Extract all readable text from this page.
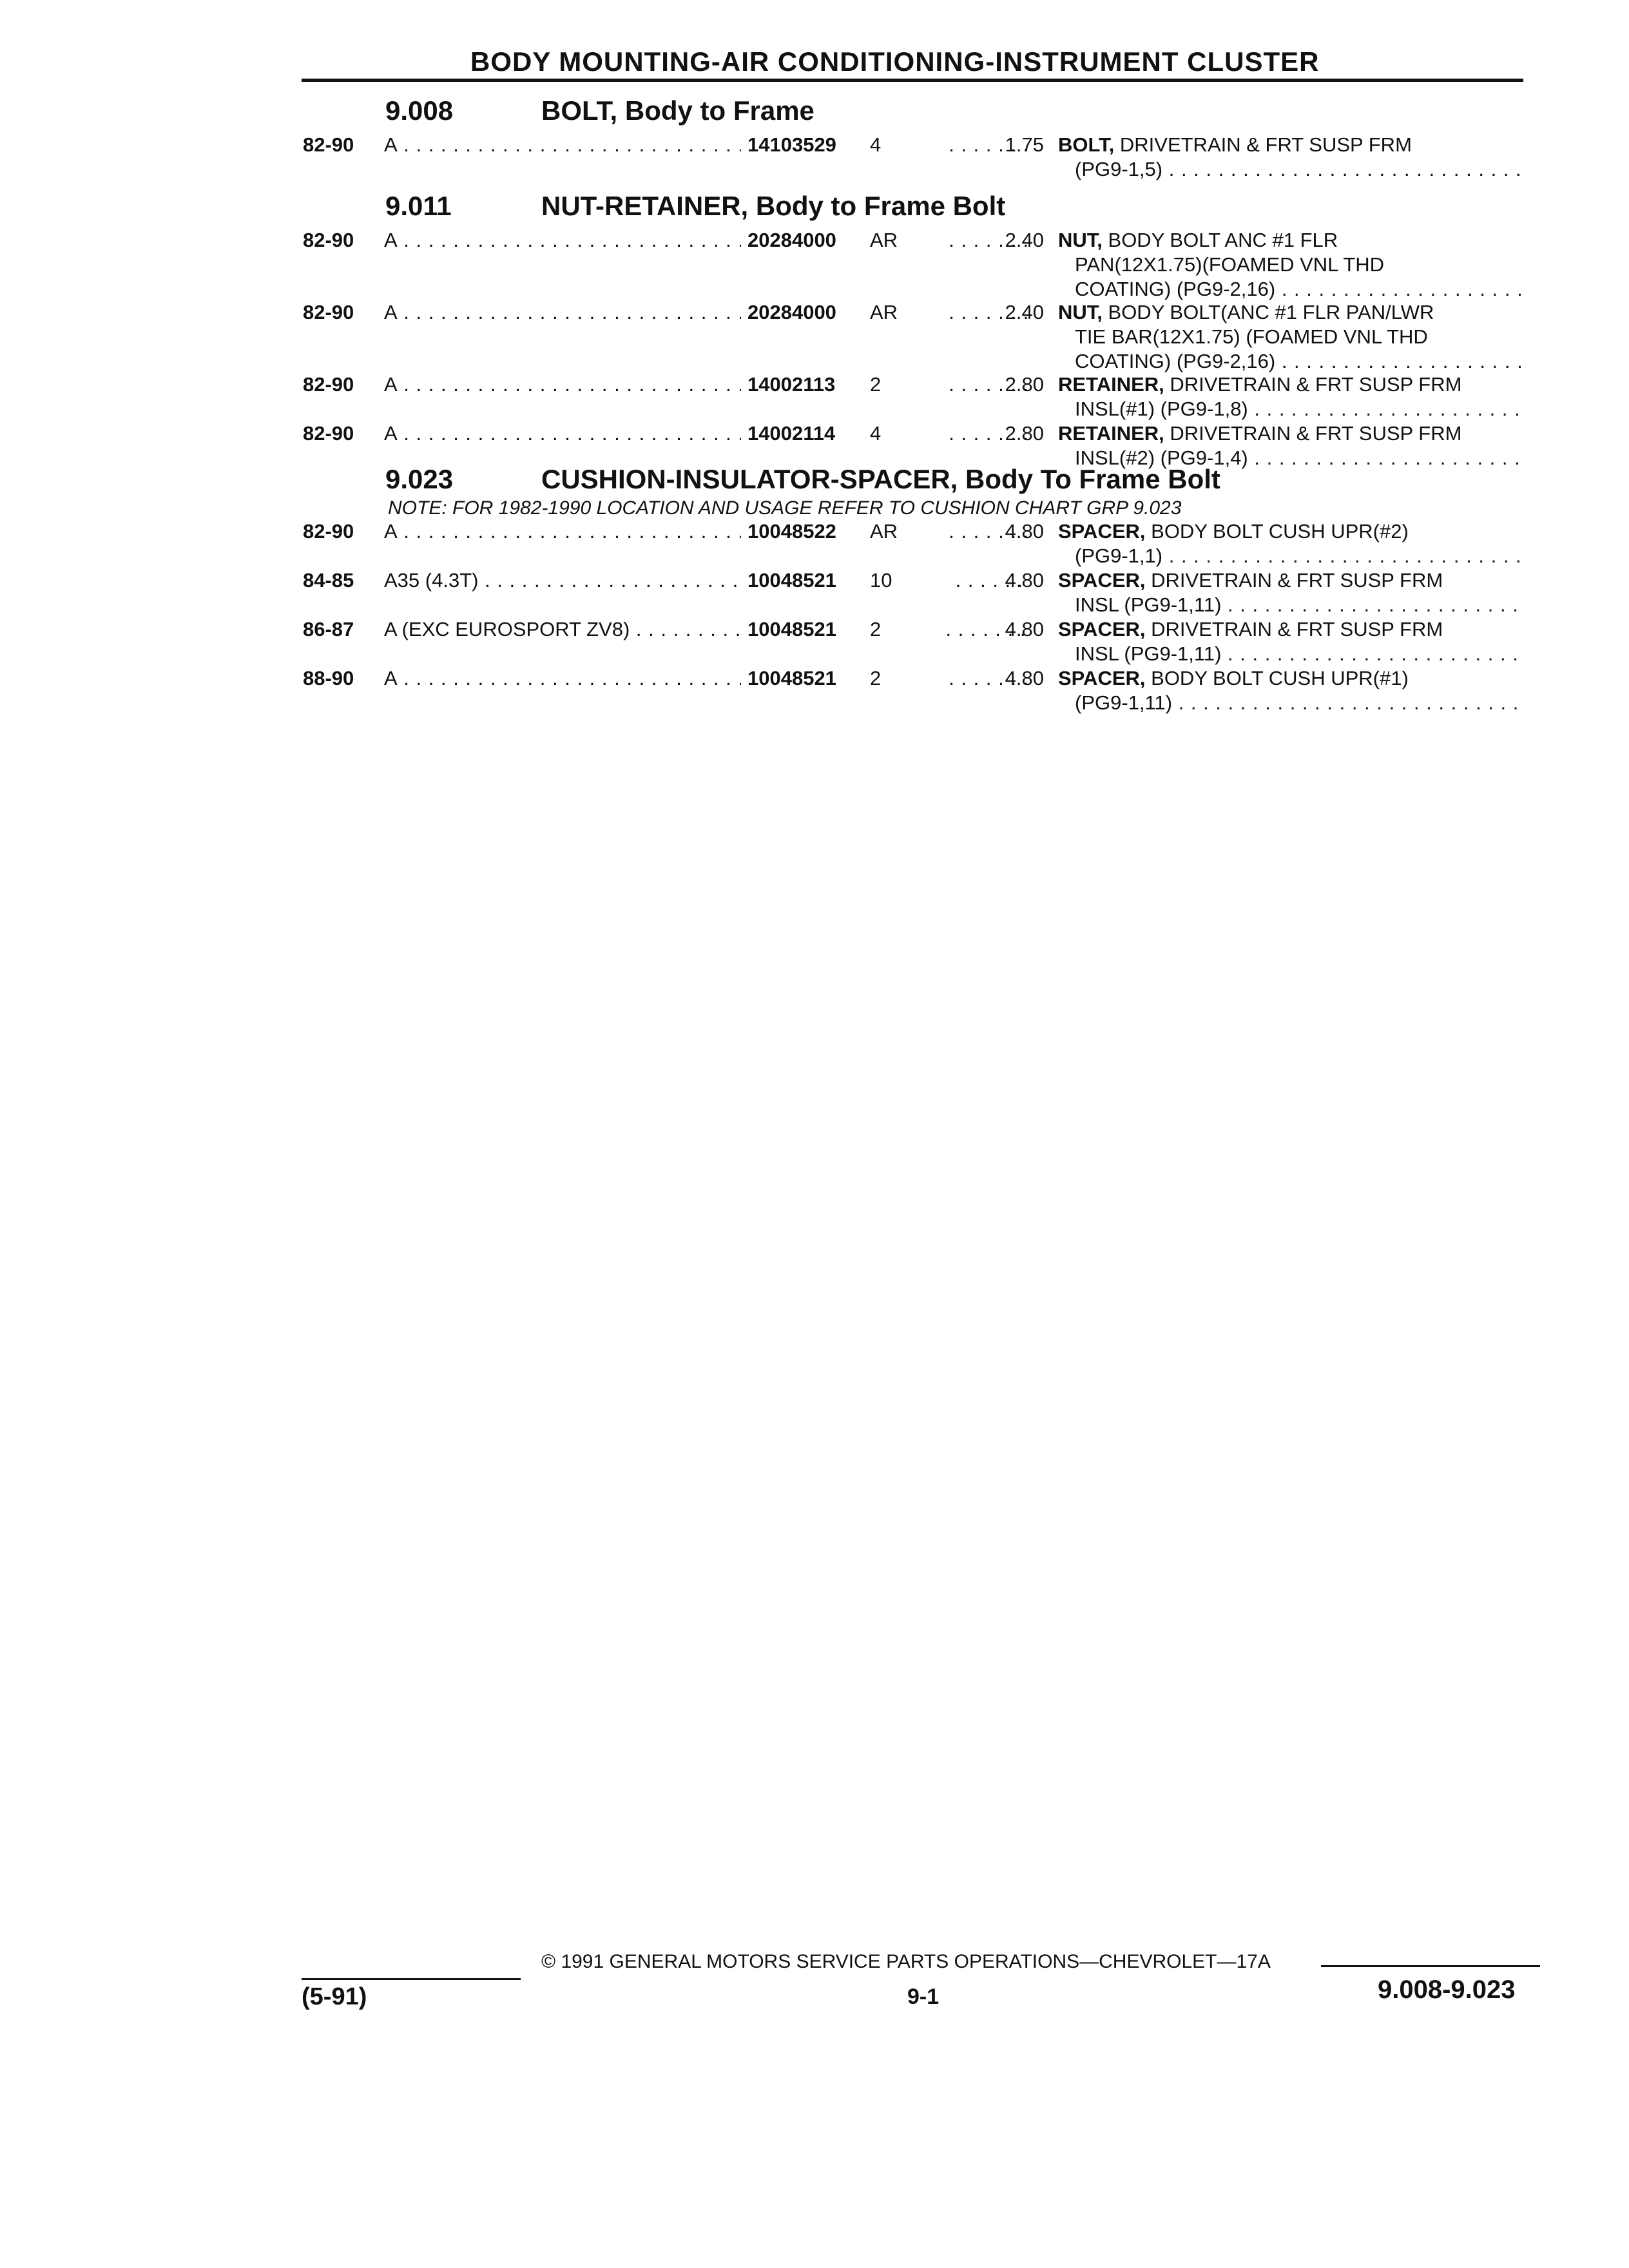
BODY MOUNTING-AIR CONDITIONING-INSTRUMENT CLUSTER
9.008	BOLT, Body to Frame
82-90 A . . .	14103529	4	1.75 BOLT, DRIVETRAIN & FRT SUSP FRM
(PG9-1,5) . . .
9.011	NUT-RETAINER, Body to Frame Bolt
82-90 A . . .	20284000	AR	2.40 NUT, BODY BOLT ANC #1 FLR
PAN(12X1.75)(FOAMED VNL THD
COATING) (PG9-2,16) . . .
82-90 A . . .	20284000	AR	2.40 NUT, BODY BOLT(ANC #1 FLR PAN/LWR
TIE BAR(12X1.75) (FOAMED VNL THD
COATING) (PG9-2,16) . . .
82-90 A . . .	14002113	2	2.80 RETAINER, DRIVETRAIN & FRT SUSP FRM
INSL(#1) (PG9-1,8) . . .
82-90 A . . .	14002114	4	2.80 RETAINER, DRIVETRAIN & FRT SUSP FRM
INSL(#2) (PG9-1,4) . . .
9.023	CUSHION-INSULATOR-SPACER, Body To Frame Bolt
NOTE: FOR 1982-1990 LOCATION AND USAGE REFER TO CUSHION CHART GRP 9.023
82-90 A . . .	10048522	AR	4.80 SPACER, BODY BOLT CUSH UPR(#2)
(PG9-1,1) . . .
84-85 A35 (4.3T) . . .	10048521	10	4.80 SPACER, DRIVETRAIN & FRT SUSP FRM
INSL (PG9-1,11) . . .
86-87 A (EXC EUROSPORT ZV8) . . .	10048521	2	4.80 SPACER, DRIVETRAIN & FRT SUSP FRM
INSL (PG9-1,11) . . .
88-90 A . . .	10048521	2	4.80 SPACER, BODY BOLT CUSH UPR(#1)
(PG9-1,11) . . .
© 1991 GENERAL MOTORS SERVICE PARTS OPERATIONS—CHEVROLET—17A
(5-91)	9-1	9.008-9.023
